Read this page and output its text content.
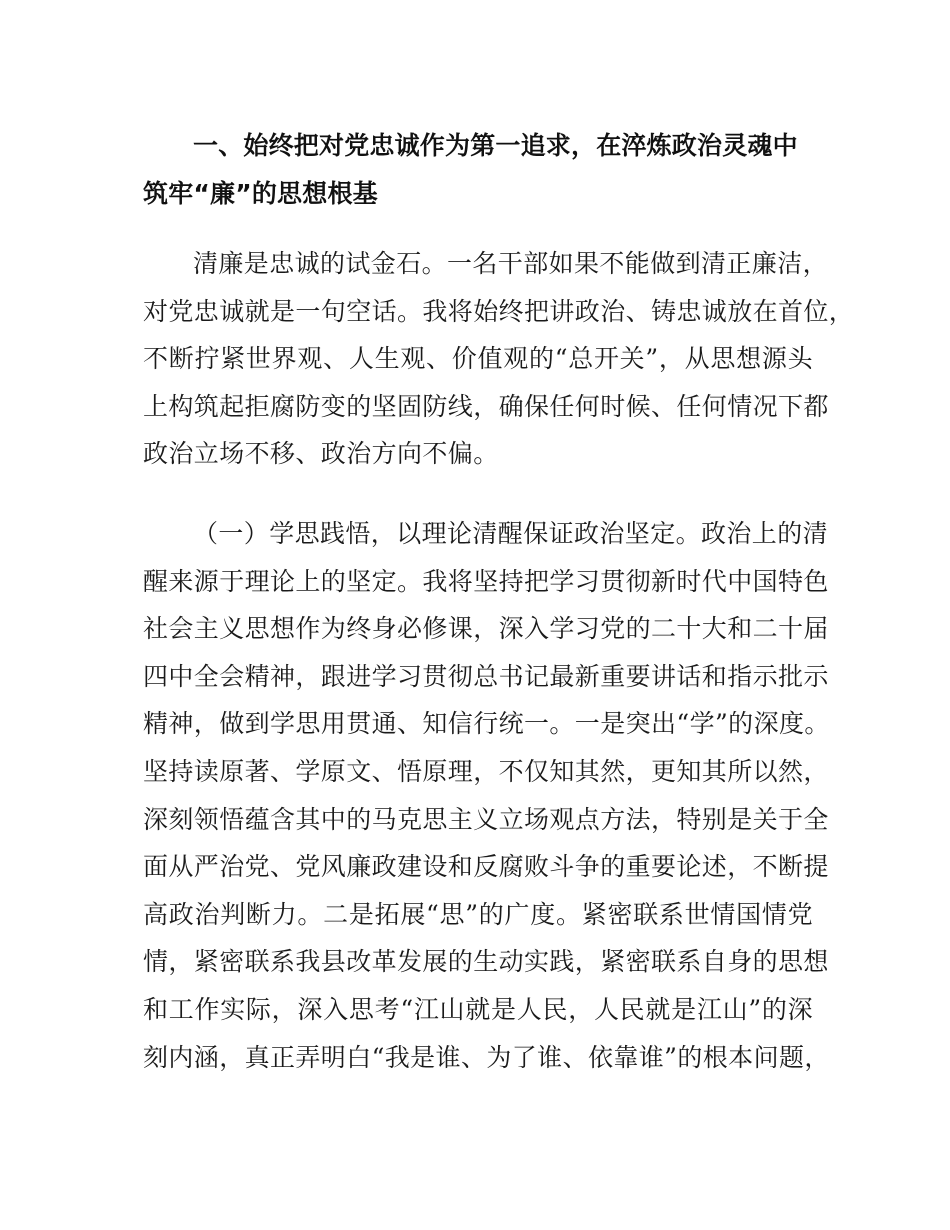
一、始终把对党忠诚作为第一追求，在淬炼政治灵魂中筑牢“廉”的思想根基
清廉是忠诚的试金石。一名干部如果不能做到清正廉洁，
对党忠诚就是一句空话。我将始终把讲政治、铸忠诚放在首位，
不断拧紧世界观、人生观、价值观的“总开关”，从思想源头
上构筑起拒腐防变的坚固防线，确保任何时候、任何情况下都
政治立场不移、政治方向不偏。
（一）学思践悟，以理论清醒保证政治坚定。政治上的清
醒来源于理论上的坚定。我将坚持把学习贯彻新时代中国特色
社会主义思想作为终身必修课，深入学习党的二十大和二十届
四中全会精神，跟进学习贯彻总书记最新重要讲话和指示批示
精神，做到学思用贯通、知信行统一。一是突出“学”的深度。
坚持读原著、学原文、悟原理，不仅知其然，更知其所以然，
深刻领悟蕴含其中的马克思主义立场观点方法，特别是关于全
面从严治党、党风廉政建设和反腐败斗争的重要论述，不断提
高政治判断力。二是拓展“思”的广度。紧密联系世情国情党
情，紧密联系我县改革发展的生动实践，紧密联系自身的思想
和工作实际，深入思考“江山就是人民，人民就是江山”的深
刻内涵，真正弄明白“我是谁、为了谁、依靠谁”的根本问题，
